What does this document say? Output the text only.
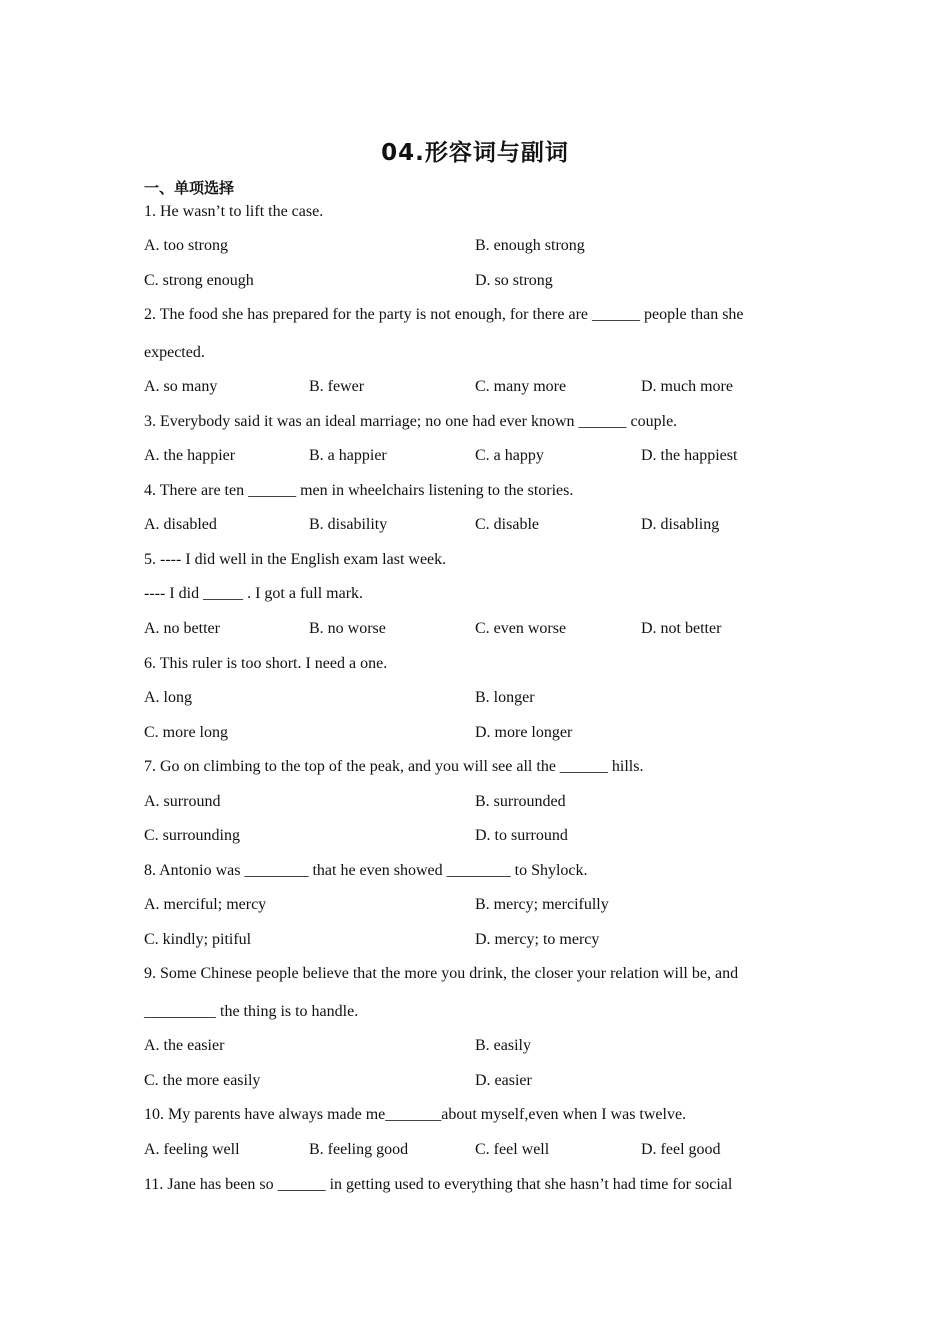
04.形容词与副词
一、单项选择
1. He wasn’t to lift the case.
A. too strong	B. enough strong
C. strong enough	D. so strong
2. The food she has prepared for the party is not enough, for there are ______ people than she
expected.
A. so many	B. fewer	C. many more	D. much more
3. Everybody said it was an ideal marriage; no one had ever known ______ couple.
A. the happier	B. a happier	C. a happy	D. the happiest
4. There are ten ______ men in wheelchairs listening to the stories.
A. disabled	B. disability	C. disable	D. disabling
5. ---- I did well in the English exam last week.
---- I did _____ . I got a full mark.
A. no better	B. no worse	C. even worse	D. not better
6. This ruler is too short. I need a one.
A. long	B. longer
C. more long	D. more longer
7. Go on climbing to the top of the peak, and you will see all the ______ hills.
A. surround	B. surrounded
C. surrounding	D. to surround
8. Antonio was ________ that he even showed ________ to Shylock.
A. merciful; mercy	B. mercy; mercifully
C. kindly; pitiful	D. mercy; to mercy
9. Some Chinese people believe that the more you drink, the closer your relation will be, and
_________ the thing is to handle.
A. the easier	B. easily
C. the more easily	D. easier
10. My parents have always made me_______about myself,even when I was twelve.
A. feeling well	B. feeling good	C. feel well	D. feel good
11. Jane has been so ______ in getting used to everything that she hasn’t had time for social
